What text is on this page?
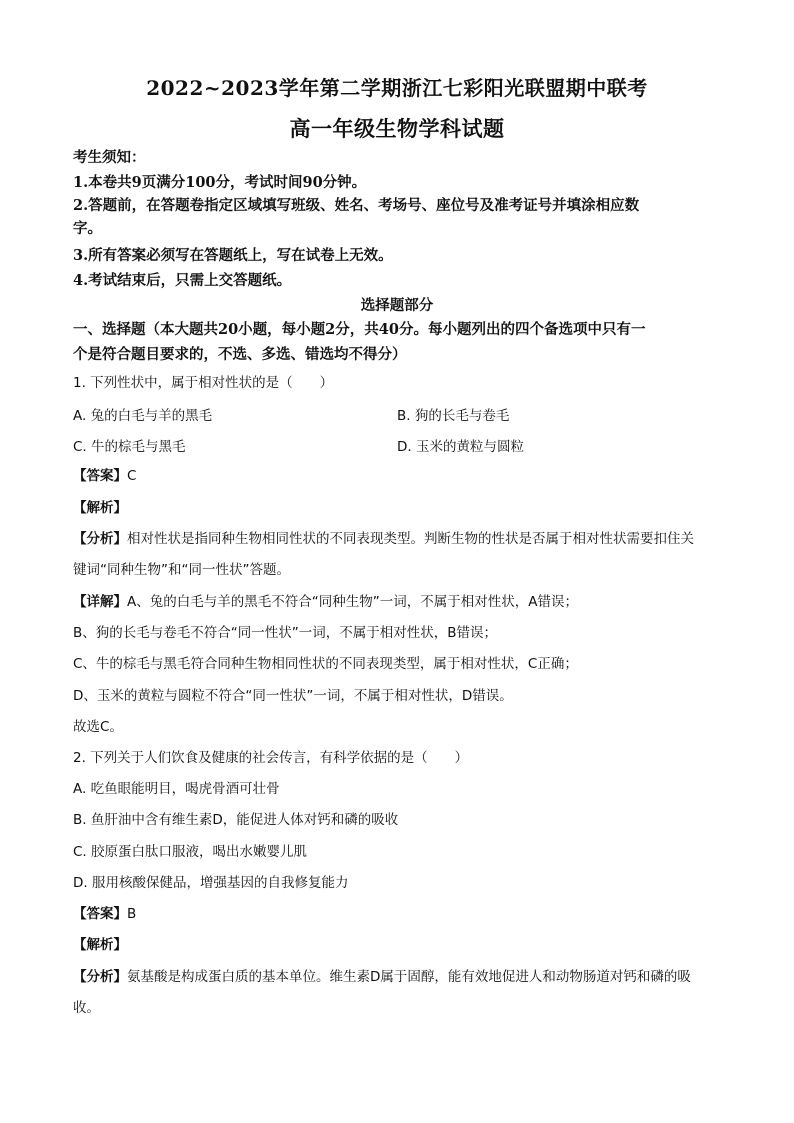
2022~2023学年第二学期浙江七彩阳光联盟期中联考
高一年级生物学科试题
考生须知：
1.本卷共9页满分100分，考试时间90分钟。
2.答题前，在答题卷指定区域填写班级、姓名、考场号、座位号及准考证号并填涂相应数
字。
3.所有答案必须写在答题纸上，写在试卷上无效。
4.考试结束后，只需上交答题纸。
选择题部分
一、选择题（本大题共20小题，每小题2分，共40分。每小题列出的四个备选项中只有一
个是符合题目要求的，不选、多选、错选均不得分）
1. 下列性状中，属于相对性状的是（　　）
A. 兔的白毛与羊的黑毛	B. 狗的长毛与卷毛
C. 牛的棕毛与黑毛	D. 玉米的黄粒与圆粒
【答案】C
【解析】
【分析】相对性状是指同种生物相同性状的不同表现类型。判断生物的性状是否属于相对性状需要扣住关
键词“同种生物”和“同一性状”答题。
【详解】A、兔的白毛与羊的黑毛不符合“同种生物”一词，不属于相对性状，A错误；
B、狗的长毛与卷毛不符合“同一性状”一词，不属于相对性状，B错误；
C、牛的棕毛与黑毛符合同种生物相同性状的不同表现类型，属于相对性状，C正确；
D、玉米的黄粒与圆粒不符合“同一性状”一词，不属于相对性状，D错误。
故选C。
2. 下列关于人们饮食及健康的社会传言，有科学依据的是（　　）
A. 吃鱼眼能明目，喝虎骨酒可壮骨
B. 鱼肝油中含有维生素D，能促进人体对钙和磷的吸收
C. 胶原蛋白肽口服液，喝出水嫩婴儿肌
D. 服用核酸保健品，增强基因的自我修复能力
【答案】B
【解析】
【分析】氨基酸是构成蛋白质的基本单位。维生素D属于固醇，能有效地促进人和动物肠道对钙和磷的吸
收。
